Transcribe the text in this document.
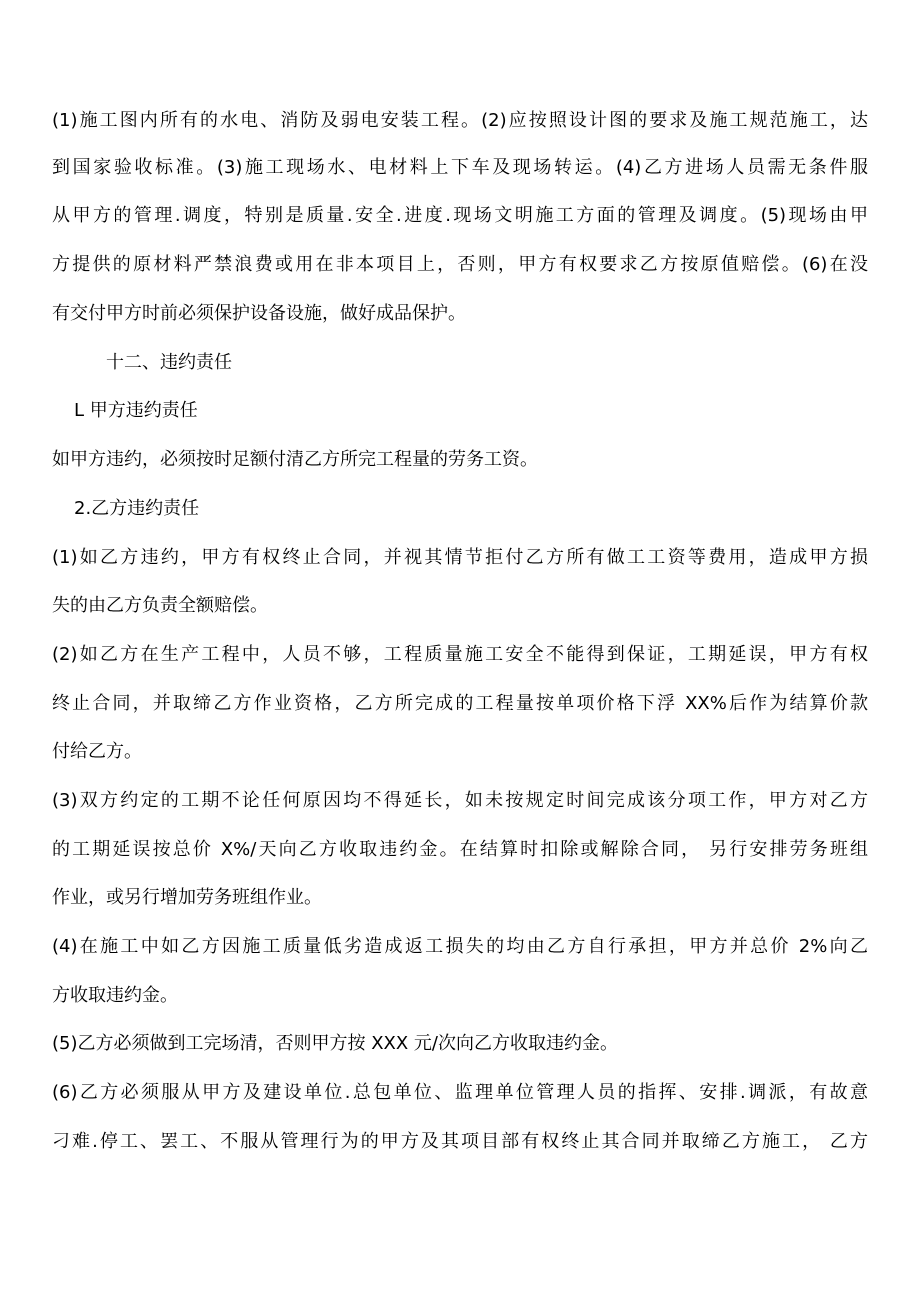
(1)施工图内所有的水电、消防及弱电安装工程。(2)应按照设计图的要求及施工规范施工，达
到国家验收标准。(3)施工现场水、电材料上下车及现场转运。(4)乙方进场人员需无条件服
从甲方的管理.调度，特别是质量.安全.进度.现场文明施工方面的管理及调度。(5)现场由甲
方提供的原材料严禁浪费或用在非本项目上，否则，甲方有权要求乙方按原值赔偿。(6)在没
有交付甲方时前必须保护设备设施，做好成品保护。
十二、违约责任
L 甲方违约责任
如甲方违约，必须按时足额付清乙方所完工程量的劳务工资。
2.乙方违约责任
(1)如乙方违约，甲方有权终止合同，并视其情节拒付乙方所有做工工资等费用，造成甲方损
失的由乙方负责全额赔偿。
(2)如乙方在生产工程中，人员不够，工程质量施工安全不能得到保证，工期延误，甲方有权
终止合同，并取缔乙方作业资格，乙方所完成的工程量按单项价格下浮 XX%后作为结算价款
付给乙方。
(3)双方约定的工期不论任何原因均不得延长，如未按规定时间完成该分项工作，甲方对乙方
的工期延误按总价 X%/天向乙方收取违约金。在结算时扣除或解除合同， 另行安排劳务班组
作业，或另行增加劳务班组作业。
(4)在施工中如乙方因施工质量低劣造成返工损失的均由乙方自行承担，甲方并总价 2%向乙
方收取违约金。
(5)乙方必须做到工完场清，否则甲方按 XXX 元/次向乙方收取违约金。
(6)乙方必须服从甲方及建设单位.总包单位、监理单位管理人员的指挥、安排.调派，有故意
刁难.停工、罢工、不服从管理行为的甲方及其项目部有权终止其合同并取缔乙方施工， 乙方
